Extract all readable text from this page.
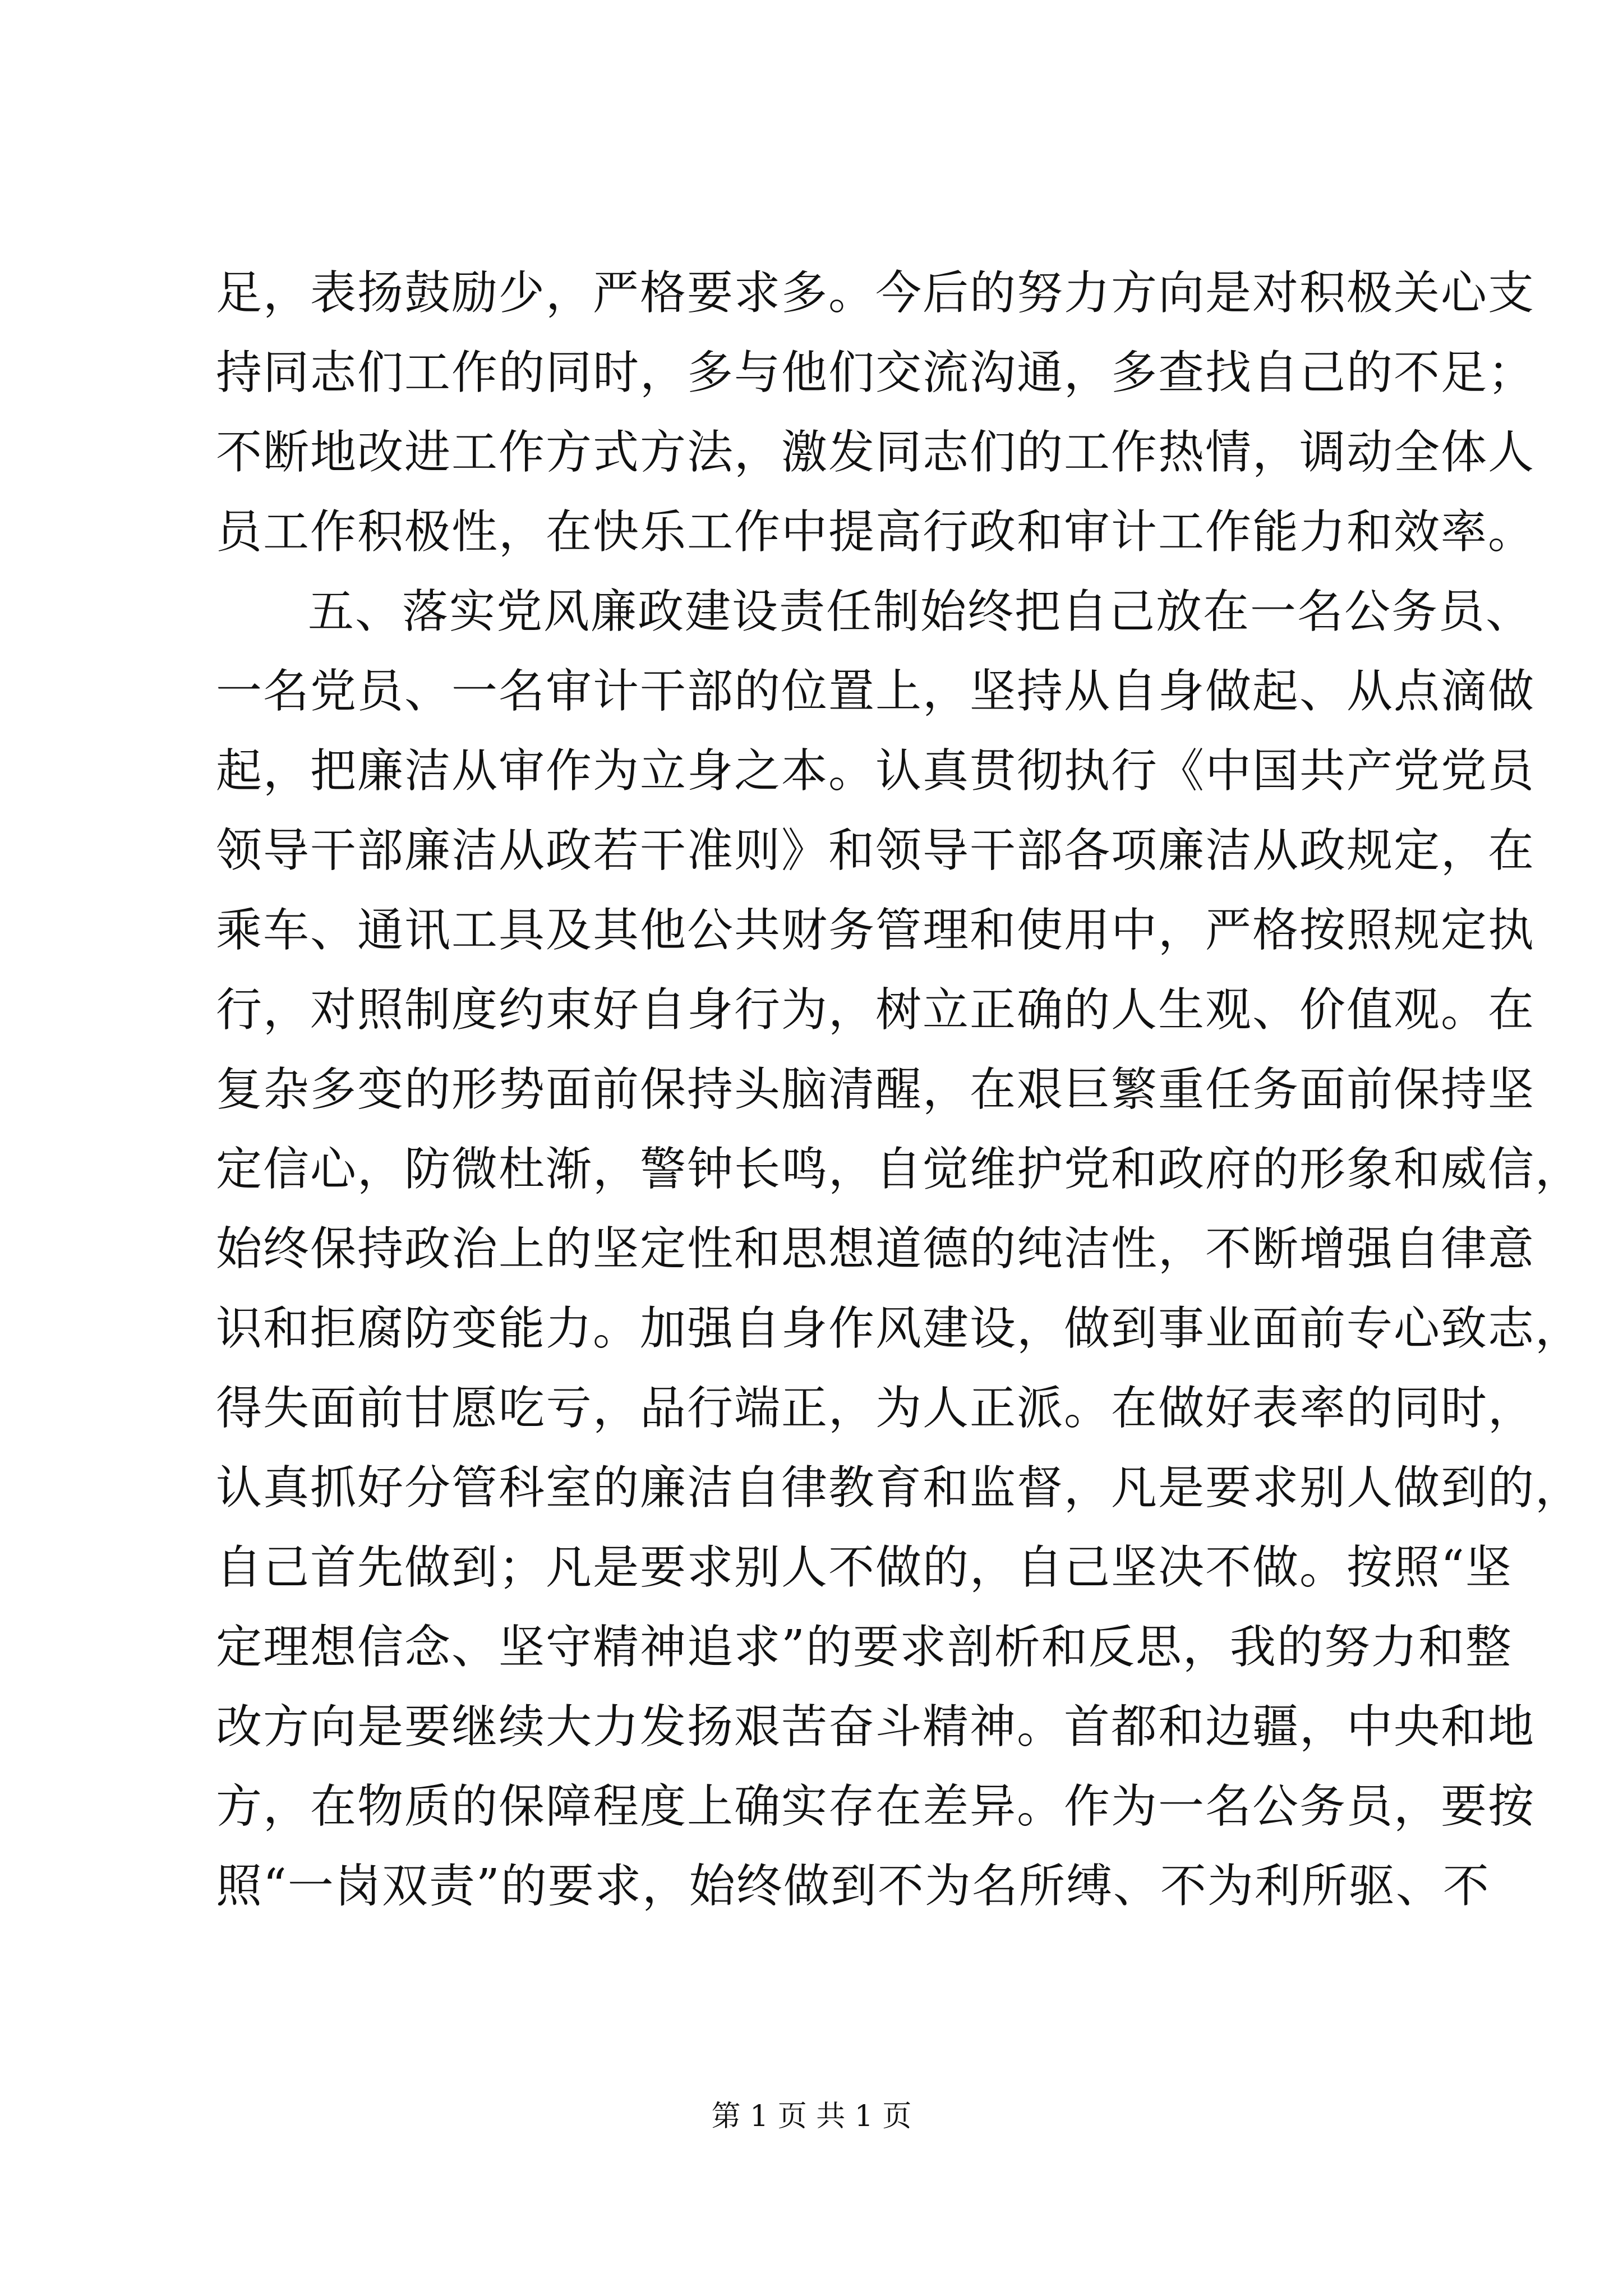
足，表扬鼓励少，严格要求多。今后的努力方向是对积极关心支
持同志们工作的同时，多与他们交流沟通，多查找自己的不足；
不断地改进工作方式方法，激发同志们的工作热情，调动全体人
员工作积极性，在快乐工作中提高行政和审计工作能力和效率。
五、落实党风廉政建设责任制始终把自己放在一名公务员、
一名党员、一名审计干部的位置上，坚持从自身做起、从点滴做
起，把廉洁从审作为立身之本。认真贯彻执行《中国共产党党员
领导干部廉洁从政若干准则》和领导干部各项廉洁从政规定，在
乘车、通讯工具及其他公共财务管理和使用中，严格按照规定执
行，对照制度约束好自身行为，树立正确的人生观、价值观。在
复杂多变的形势面前保持头脑清醒，在艰巨繁重任务面前保持坚
定信心，防微杜渐，警钟长鸣，自觉维护党和政府的形象和威信，
始终保持政治上的坚定性和思想道德的纯洁性，不断增强自律意
识和拒腐防变能力。加强自身作风建设，做到事业面前专心致志，
得失面前甘愿吃亏，品行端正，为人正派。在做好表率的同时，
认真抓好分管科室的廉洁自律教育和监督，凡是要求别人做到的，
自己首先做到；凡是要求别人不做的，自己坚决不做。按照“坚
定理想信念、坚守精神追求”的要求剖析和反思，我的努力和整
改方向是要继续大力发扬艰苦奋斗精神。首都和边疆，中央和地
方，在物质的保障程度上确实存在差异。作为一名公务员，要按
照“一岗双责”的要求，始终做到不为名所缚、不为利所驱、不
第 1 页 共 1 页
